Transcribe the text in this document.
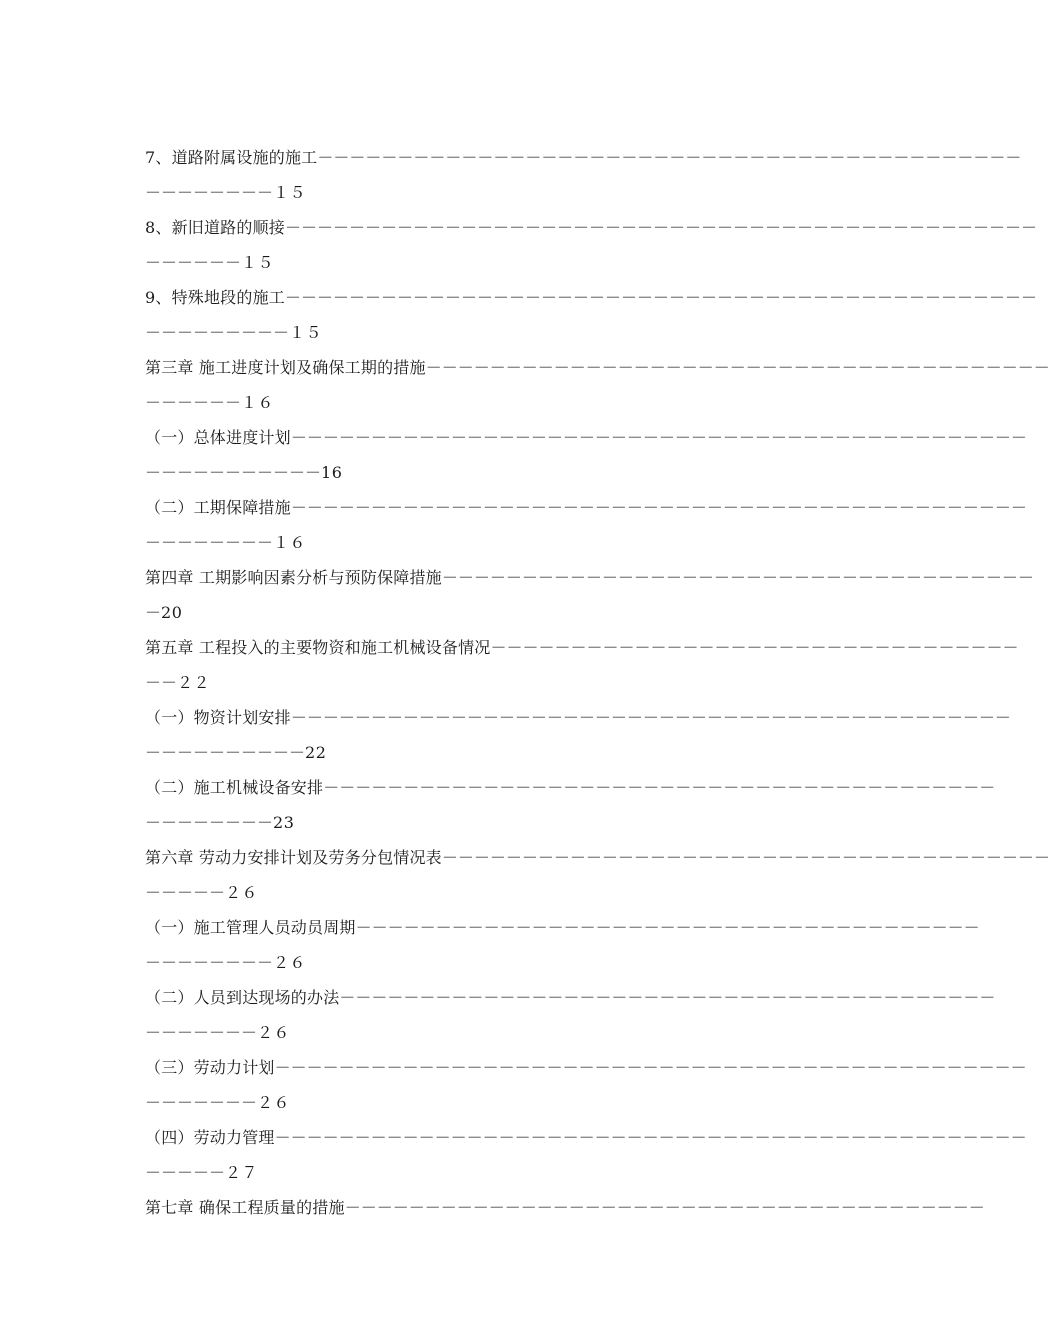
7、道路附属设施的施工－－－－－－－－－－－－－－－－－－－－－－－－－－－－－－－－－－－－－－－－－－－－
－－－－－－－－１５
8、新旧道路的顺接－－－－－－－－－－－－－－－－－－－－－－－－－－－－－－－－－－－－－－－－－－－－－－－
－－－－－－１５
9、特殊地段的施工－－－－－－－－－－－－－－－－－－－－－－－－－－－－－－－－－－－－－－－－－－－－－－－
－－－－－－－－－１５
第三章 施工进度计划及确保工期的措施－－－－－－－－－－－－－－－－－－－－－－－－－－－－－－－－－－－－－－－
－－－－－－１６
（一）总体进度计划－－－－－－－－－－－－－－－－－－－－－－－－－－－－－－－－－－－－－－－－－－－－－－
－－－－－－－－－－－16
（二）工期保障措施－－－－－－－－－－－－－－－－－－－－－－－－－－－－－－－－－－－－－－－－－－－－－－
－－－－－－－－１６
第四章 工期影响因素分析与预防保障措施－－－－－－－－－－－－－－－－－－－－－－－－－－－－－－－－－－－－－
－20
第五章 工程投入的主要物资和施工机械设备情况－－－－－－－－－－－－－－－－－－－－－－－－－－－－－－－－－
－－２２
（一）物资计划安排－－－－－－－－－－－－－－－－－－－－－－－－－－－－－－－－－－－－－－－－－－－－－
－－－－－－－－－－22
（二）施工机械设备安排－－－－－－－－－－－－－－－－－－－－－－－－－－－－－－－－－－－－－－－－－－
－－－－－－－－23
第六章 劳动力安排计划及劳务分包情况表－－－－－－－－－－－－－－－－－－－－－－－－－－－－－－－－－－－－－－
－－－－－２６
（一）施工管理人员动员周期－－－－－－－－－－－－－－－－－－－－－－－－－－－－－－－－－－－－－－－
－－－－－－－－２６
（二）人员到达现场的办法－－－－－－－－－－－－－－－－－－－－－－－－－－－－－－－－－－－－－－－－－
－－－－－－－２６
（三）劳动力计划－－－－－－－－－－－－－－－－－－－－－－－－－－－－－－－－－－－－－－－－－－－－－－－
－－－－－－－２６
（四）劳动力管理－－－－－－－－－－－－－－－－－－－－－－－－－－－－－－－－－－－－－－－－－－－－－－－
－－－－－２７
第七章 确保工程质量的措施－－－－－－－－－－－－－－－－－－－－－－－－－－－－－－－－－－－－－－－－
